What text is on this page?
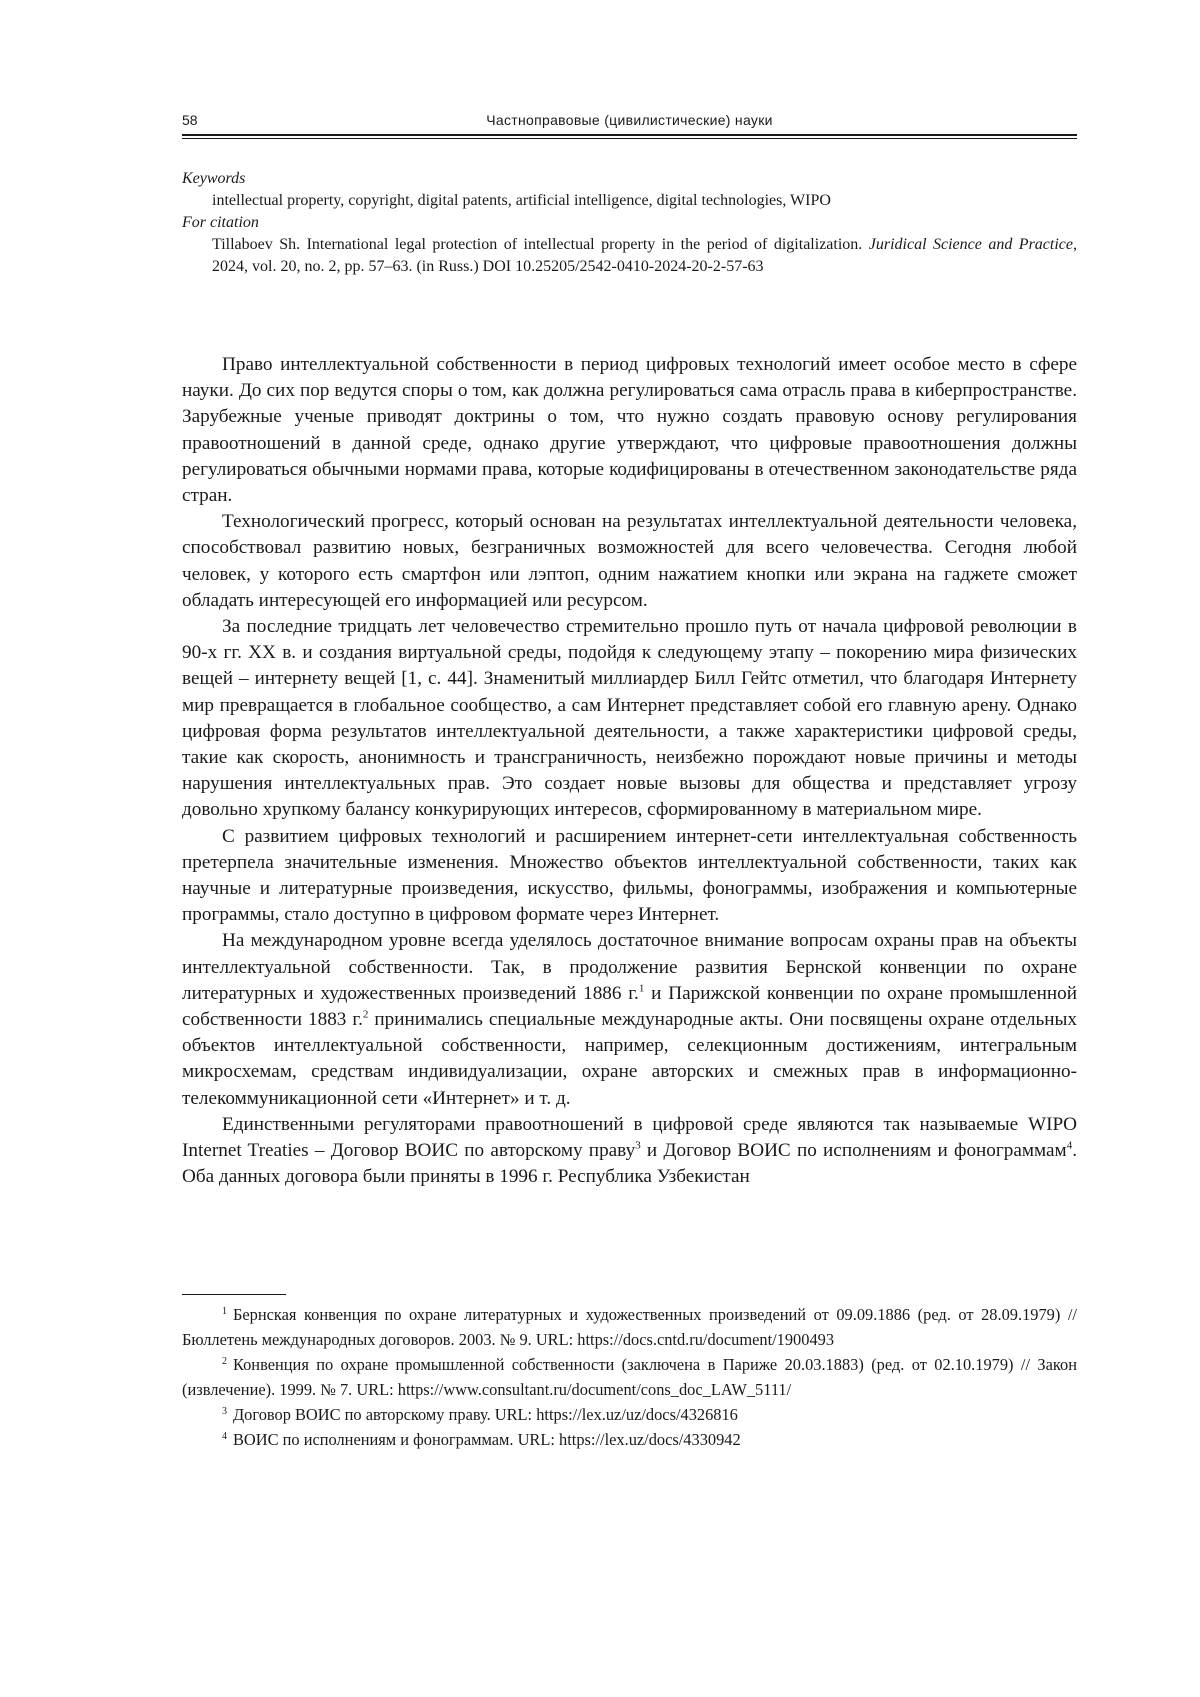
58	Частноправовые (цивилистические) науки
Keywords
intellectual property, copyright, digital patents, artificial intelligence, digital technologies, WIPO
For citation
Tillaboev Sh. International legal protection of intellectual property in the period of digitalization. Juridical Science and Practice, 2024, vol. 20, no. 2, pp. 57–63. (in Russ.) DOI 10.25205/2542-0410-2024-20-2-57-63

Право интеллектуальной собственности в период цифровых технологий имеет особое место в сфере науки. До сих пор ведутся споры о том, как должна регулироваться сама отрасль права в киберпространстве. Зарубежные ученые приводят доктрины о том, что нужно создать правовую основу регулирования правоотношений в данной среде, однако другие утверждают, что цифровые правоотношения должны регулироваться обычными нормами права, которые кодифицированы в отечественном законодательстве ряда стран.

Технологический прогресс, который основан на результатах интеллектуальной деятельности человека, способствовал развитию новых, безграничных возможностей для всего человечества. Сегодня любой человек, у которого есть смартфон или лэптоп, одним нажатием кнопки или экрана на гаджете сможет обладать интересующей его информацией или ресурсом.

За последние тридцать лет человечество стремительно прошло путь от начала цифровой революции в 90-х гг. XX в. и создания виртуальной среды, подойдя к следующему этапу – покорению мира физических вещей – интернету вещей [1, с. 44]. Знаменитый миллиардер Билл Гейтс отметил, что благодаря Интернету мир превращается в глобальное сообщество, а сам Интернет представляет собой его главную арену. Однако цифровая форма результатов интеллектуальной деятельности, а также характеристики цифровой среды, такие как скорость, анонимность и трансграничность, неизбежно порождают новые причины и методы нарушения интеллектуальных прав. Это создает новые вызовы для общества и представляет угрозу довольно хрупкому балансу конкурирующих интересов, сформированному в материальном мире.

С развитием цифровых технологий и расширением интернет-сети интеллектуальная собственность претерпела значительные изменения. Множество объектов интеллектуальной собственности, таких как научные и литературные произведения, искусство, фильмы, фонограммы, изображения и компьютерные программы, стало доступно в цифровом формате через Интернет.

На международном уровне всегда уделялось достаточное внимание вопросам охраны прав на объекты интеллектуальной собственности. Так, в продолжение развития Бернской конвенции по охране литературных и художественных произведений 1886 г.$^1$ и Парижской конвенции по охране промышленной собственности 1883 г.$^2$ принимались специальные международные акты. Они посвящены охране отдельных объектов интеллектуальной собственности, например, селекционным достижениям, интегральным микросхемам, средствам индивидуализации, охране авторских и смежных прав в информационно-телекоммуникационной сети «Интернет» и т. д.

Единственными регуляторами правоотношений в цифровой среде являются так называемые WIPO Internet Treaties – Договор ВОИС по авторскому праву$^3$ и Договор ВОИС по исполнениям и фонограммам$^4$. Оба данных договора были приняты в 1996 г. Республика Узбекистан

$^1$ Бернская конвенция по охране литературных и художественных произведений от 09.09.1886 (ред. от 28.09.1979) // Бюллетень международных договоров. 2003. № 9. URL: https://docs.cntd.ru/document/1900493

$^2$ Конвенция по охране промышленной собственности (заключена в Париже 20.03.1883) (ред. от 02.10.1979) // Закон (извлечение). 1999. № 7. URL: https://www.consultant.ru/document/cons_doc_LAW_5111/

$^3$ Договор ВОИС по авторскому праву. URL: https://lex.uz/uz/docs/4326816

$^4$ ВОИС по исполнениям и фонограммам. URL: https://lex.uz/docs/4330942
